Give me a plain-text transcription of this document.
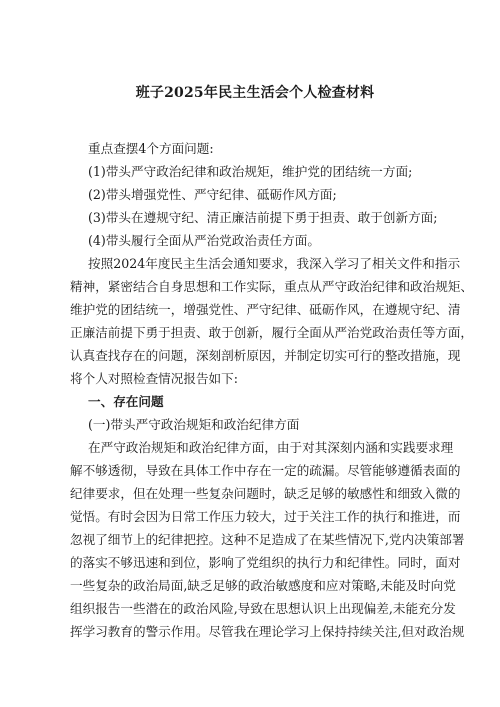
班子2025年民主生活会个人检查材料

重点查摆4个方面问题:

(1)带头严守政治纪律和政治规矩，维护党的团结统一方面;

(2)带头增强党性、严守纪律、砥砺作风方面;

(3)带头在遵规守纪、清正廉洁前提下勇于担责、敢于创新方面;

(4)带头履行全面从严治党政治责任方面。

按照2024年度民主生活会通知要求，我深入学习了相关文件和指示

精神，紧密结合自身思想和工作实际，重点从严守政治纪律和政治规矩、

维护党的团结统一，增强党性、严守纪律、砥砺作风，在遵规守纪、清

正廉洁前提下勇于担责、敢于创新，履行全面从严治党政治责任等方面，

认真查找存在的问题，深刻剖析原因，并制定切实可行的整改措施，现

将个人对照检查情况报告如下:

一、存在问题

(一)带头严守政治规矩和政治纪律方面

在严守政治规矩和政治纪律方面，由于对其深刻内涵和实践要求理

解不够透彻，导致在具体工作中存在一定的疏漏。尽管能够遵循表面的

纪律要求，但在处理一些复杂问题时，缺乏足够的敏感性和细致入微的

觉悟。有时会因为日常工作压力较大，过于关注工作的执行和推进，而

忽视了细节上的纪律把控。这种不足造成了在某些情况下,党内决策部署

的落实不够迅速和到位，影响了党组织的执行力和纪律性。同时，面对

一些复杂的政治局面,缺乏足够的政治敏感度和应对策略,未能及时向党

组织报告一些潜在的政治风险,导致在思想认识上出现偏差,未能充分发

挥学习教育的警示作用。尽管我在理论学习上保持持续关注,但对政治规
